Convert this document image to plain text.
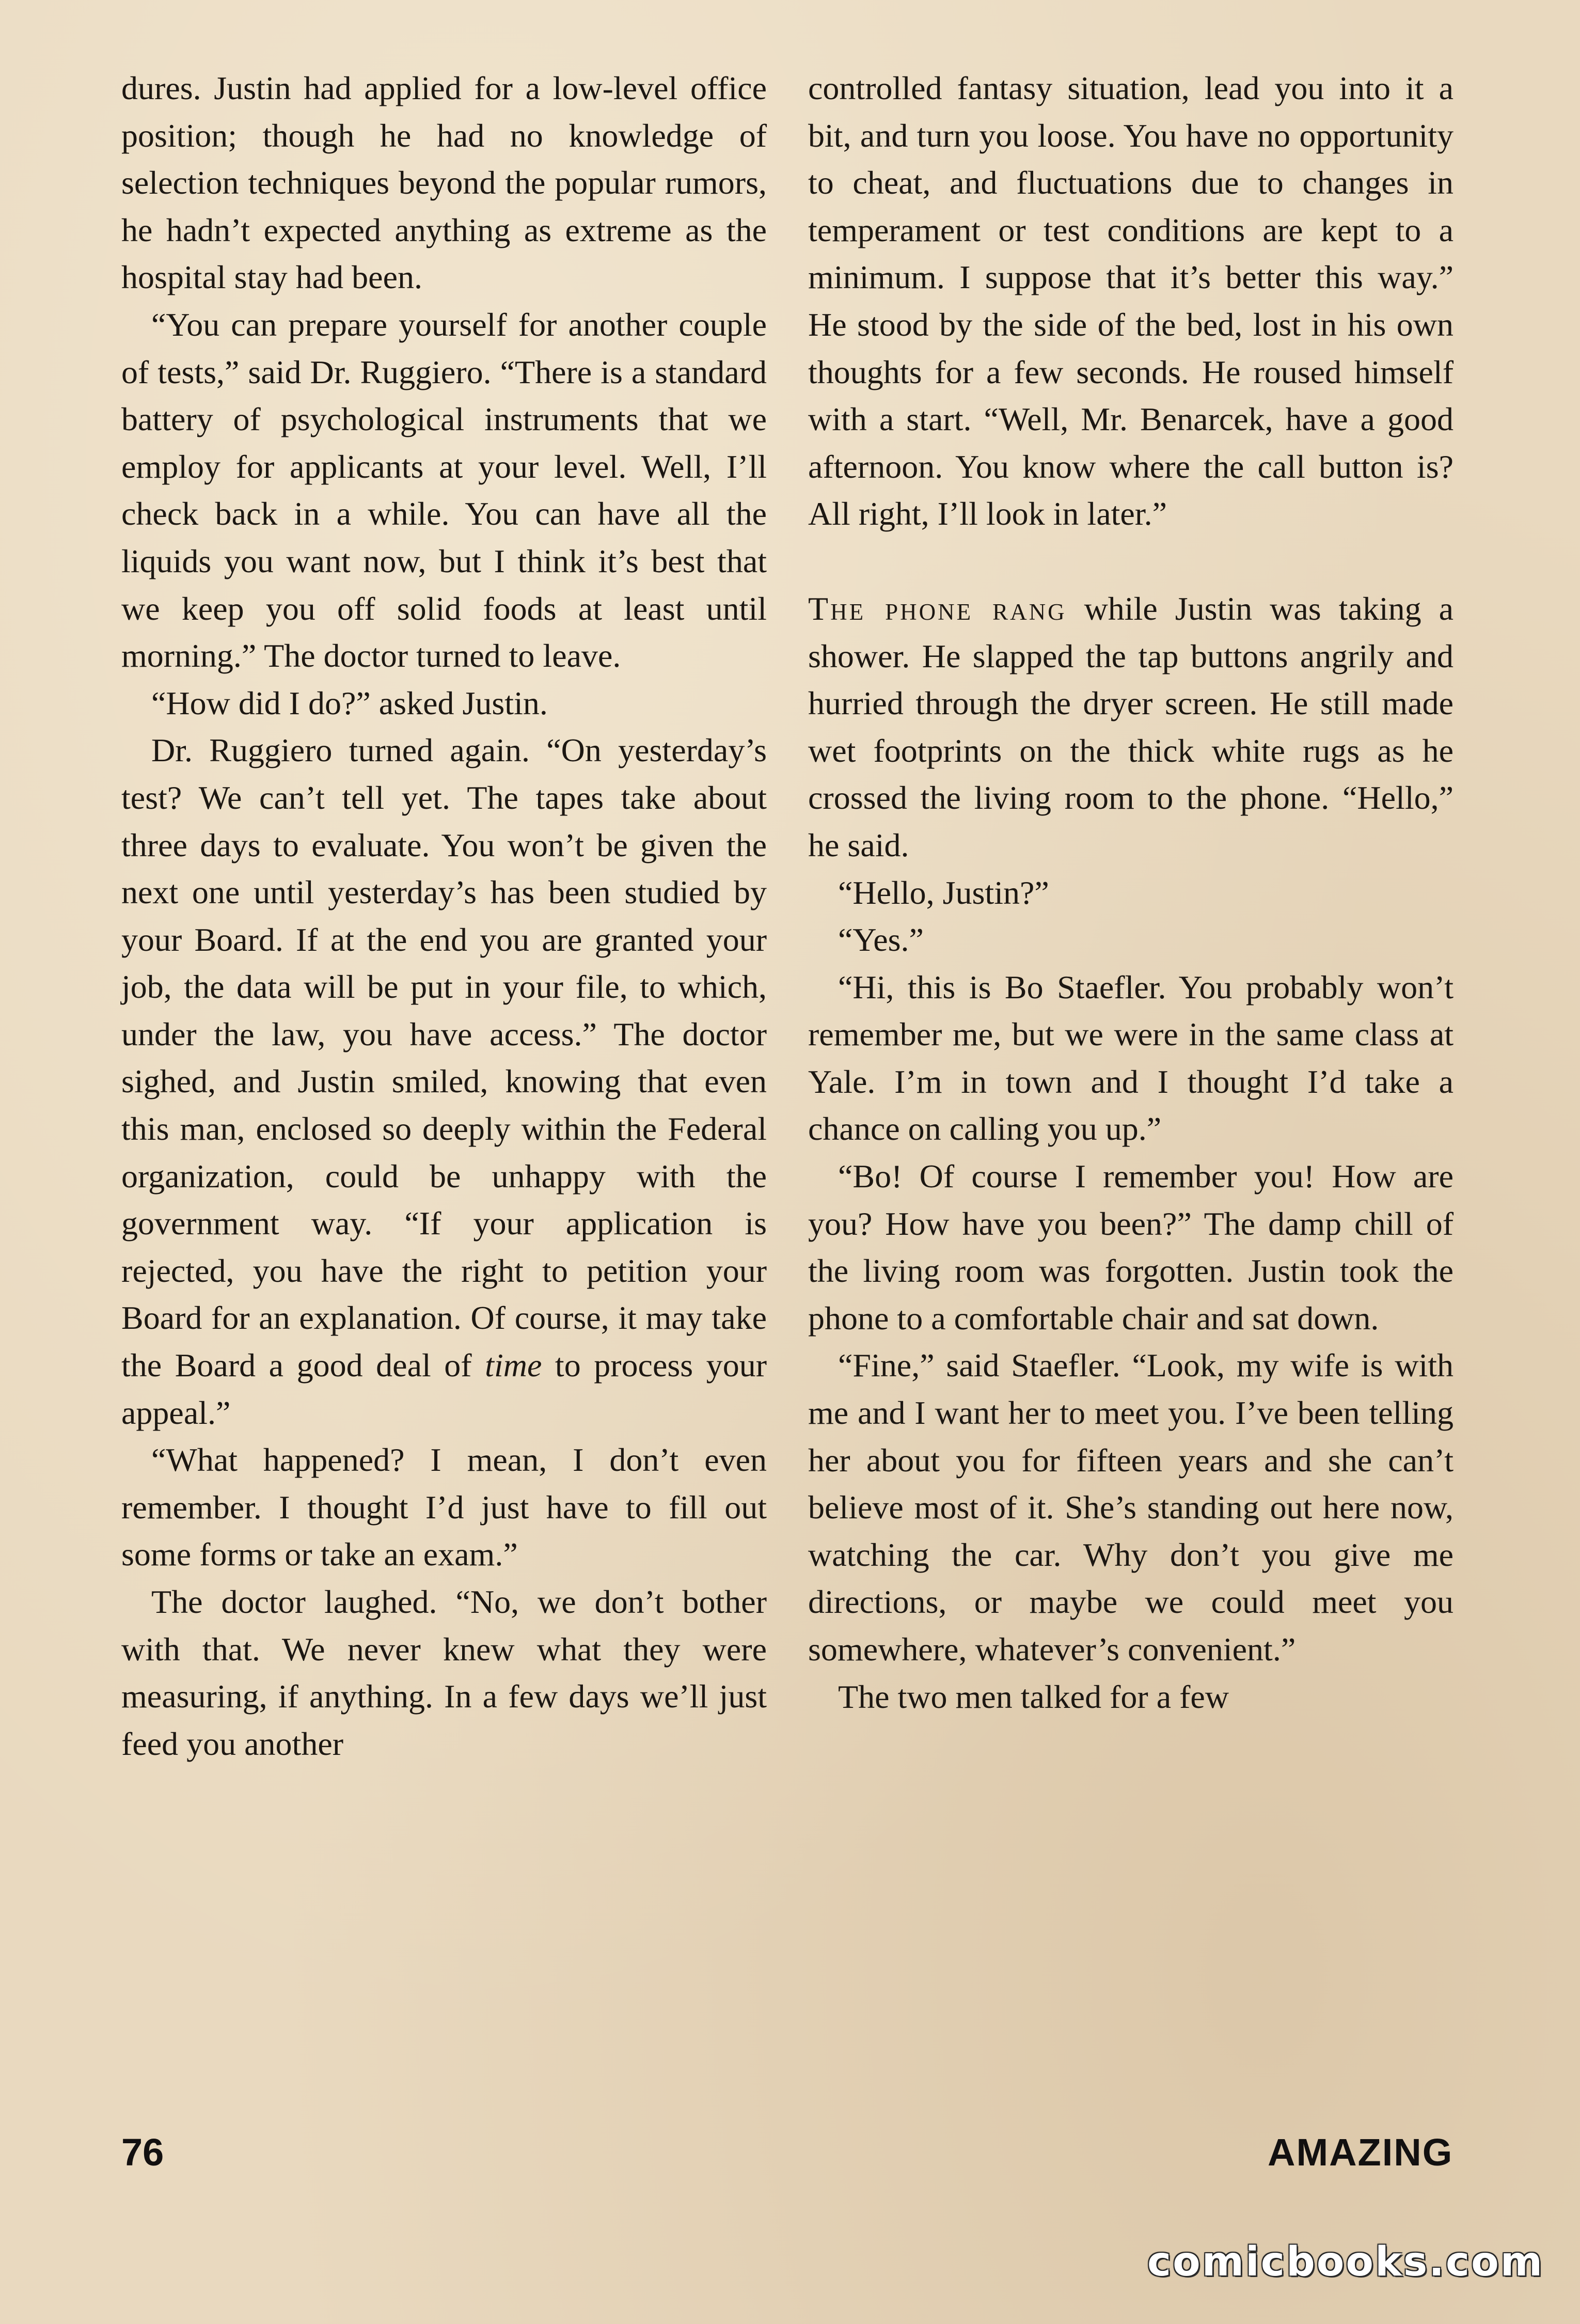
dures. Justin had applied for a low-level office position; though he had no knowledge of selection techniques beyond the popular rumors, he hadn’t expected anything as extreme as the hospital stay had been.

“You can prepare yourself for another couple of tests,” said Dr. Ruggiero. “There is a standard battery of psychological instruments that we employ for applicants at your level. Well, I’ll check back in a while. You can have all the liquids you want now, but I think it’s best that we keep you off solid foods at least until morning.” The doctor turned to leave.

“How did I do?” asked Justin.

Dr. Ruggiero turned again. “On yesterday’s test? We can’t tell yet. The tapes take about three days to evaluate. You won’t be given the next one until yesterday’s has been studied by your Board. If at the end you are granted your job, the data will be put in your file, to which, under the law, you have access.” The doctor sighed, and Justin smiled, knowing that even this man, enclosed so deeply within the Federal organization, could be unhappy with the government way. “If your application is rejected, you have the right to petition your Board for an explanation. Of course, it may take the Board a good deal of time to process your appeal.”

“What happened? I mean, I don’t even remember. I thought I’d just have to fill out some forms or take an exam.”

The doctor laughed. “No, we don’t bother with that. We never knew what they were measuring, if anything. In a few days we’ll just feed you another

controlled fantasy situation, lead you into it a bit, and turn you loose. You have no opportunity to cheat, and fluctuations due to changes in temperament or test conditions are kept to a minimum. I suppose that it’s better this way.” He stood by the side of the bed, lost in his own thoughts for a few seconds. He roused himself with a start. “Well, Mr. Benarcek, have a good afternoon. You know where the call button is? All right, I’ll look in later.”

The phone rang while Justin was taking a shower. He slapped the tap buttons angrily and hurried through the dryer screen. He still made wet footprints on the thick white rugs as he crossed the living room to the phone. “Hello,” he said.

“Hello, Justin?”

“Yes.”

“Hi, this is Bo Staefler. You probably won’t remember me, but we were in the same class at Yale. I’m in town and I thought I’d take a chance on calling you up.”

“Bo! Of course I remember you! How are you? How have you been?” The damp chill of the living room was forgotten. Justin took the phone to a comfortable chair and sat down.

“Fine,” said Staefler. “Look, my wife is with me and I want her to meet you. I’ve been telling her about you for fifteen years and she can’t believe most of it. She’s standing out here now, watching the car. Why don’t you give me directions, or maybe we could meet you somewhere, whatever’s convenient.”

The two men talked for a few

76	AMAZING
comicbooks.com
